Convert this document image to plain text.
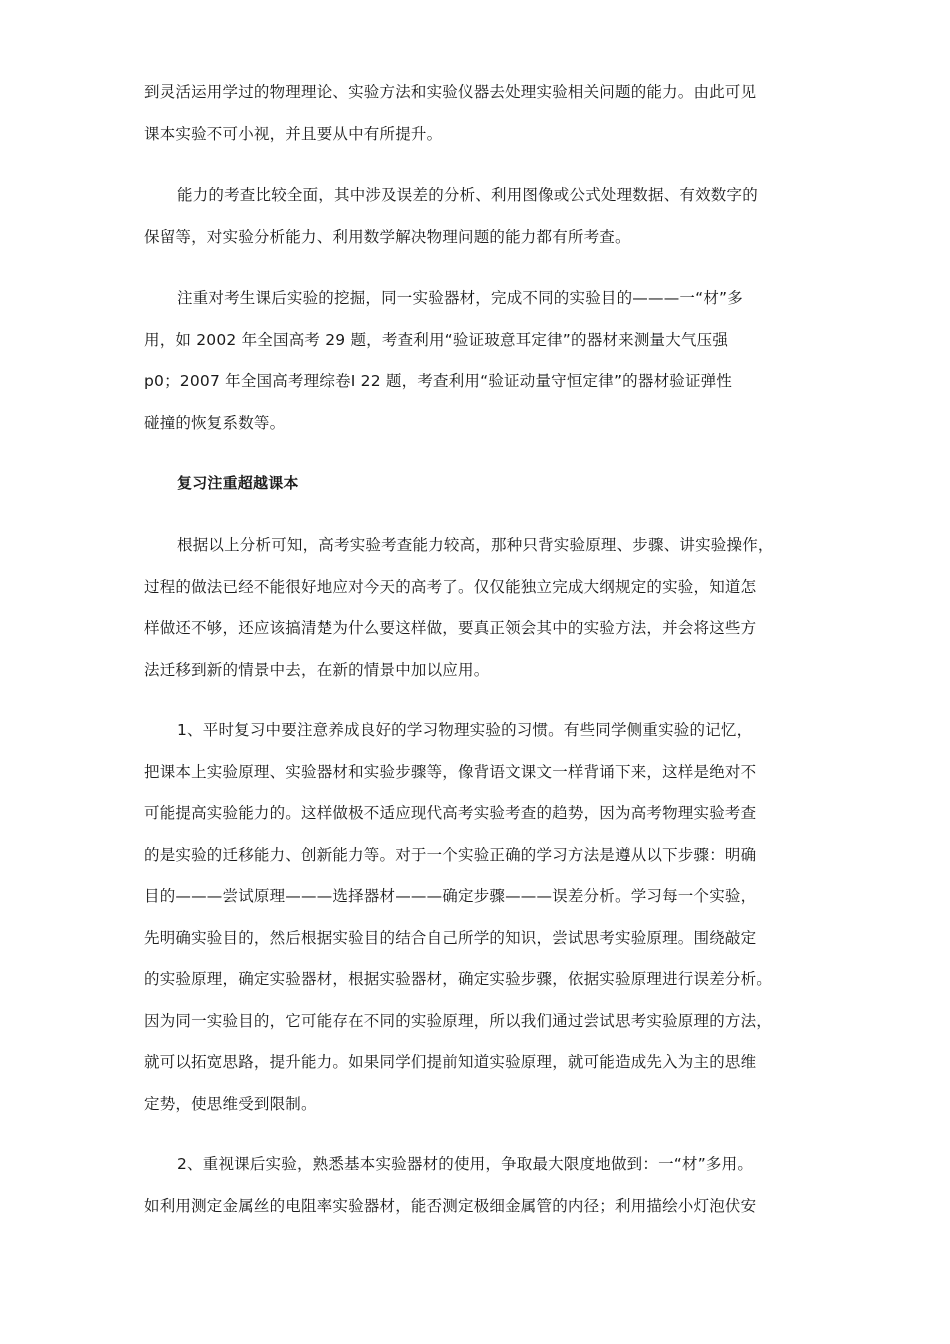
到灵活运用学过的物理理论、实验方法和实验仪器去处理实验相关问题的能力。由此可见
课本实验不可小视，并且要从中有所提升。

能力的考查比较全面，其中涉及误差的分析、利用图像或公式处理数据、有效数字的
保留等，对实验分析能力、利用数学解决物理问题的能力都有所考查。

注重对考生课后实验的挖掘，同一实验器材，完成不同的实验目的———一“材”多
用，如 2002 年全国高考 29 题，考查利用“验证玻意耳定律”的器材来测量大气压强
p0；2007 年全国高考理综卷Ⅰ 22 题，考查利用“验证动量守恒定律”的器材验证弹性
碰撞的恢复系数等。

复习注重超越课本

根据以上分析可知，高考实验考查能力较高，那种只背实验原理、步骤、讲实验操作，
过程的做法已经不能很好地应对今天的高考了。仅仅能独立完成大纲规定的实验，知道怎
样做还不够，还应该搞清楚为什么要这样做，要真正领会其中的实验方法，并会将这些方
法迁移到新的情景中去，在新的情景中加以应用。

1、平时复习中要注意养成良好的学习物理实验的习惯。有些同学侧重实验的记忆，
把课本上实验原理、实验器材和实验步骤等，像背语文课文一样背诵下来，这样是绝对不
可能提高实验能力的。这样做极不适应现代高考实验考查的趋势，因为高考物理实验考查
的是实验的迁移能力、创新能力等。对于一个实验正确的学习方法是遵从以下步骤：明确
目的———尝试原理———选择器材———确定步骤———误差分析。学习每一个实验，
先明确实验目的，然后根据实验目的结合自己所学的知识，尝试思考实验原理。围绕敲定
的实验原理，确定实验器材，根据实验器材，确定实验步骤，依据实验原理进行误差分析。
因为同一实验目的，它可能存在不同的实验原理，所以我们通过尝试思考实验原理的方法，
就可以拓宽思路，提升能力。如果同学们提前知道实验原理，就可能造成先入为主的思维
定势，使思维受到限制。

2、重视课后实验，熟悉基本实验器材的使用，争取最大限度地做到：一“材”多用。
如利用测定金属丝的电阻率实验器材，能否测定极细金属管的内径；利用描绘小灯泡伏安
